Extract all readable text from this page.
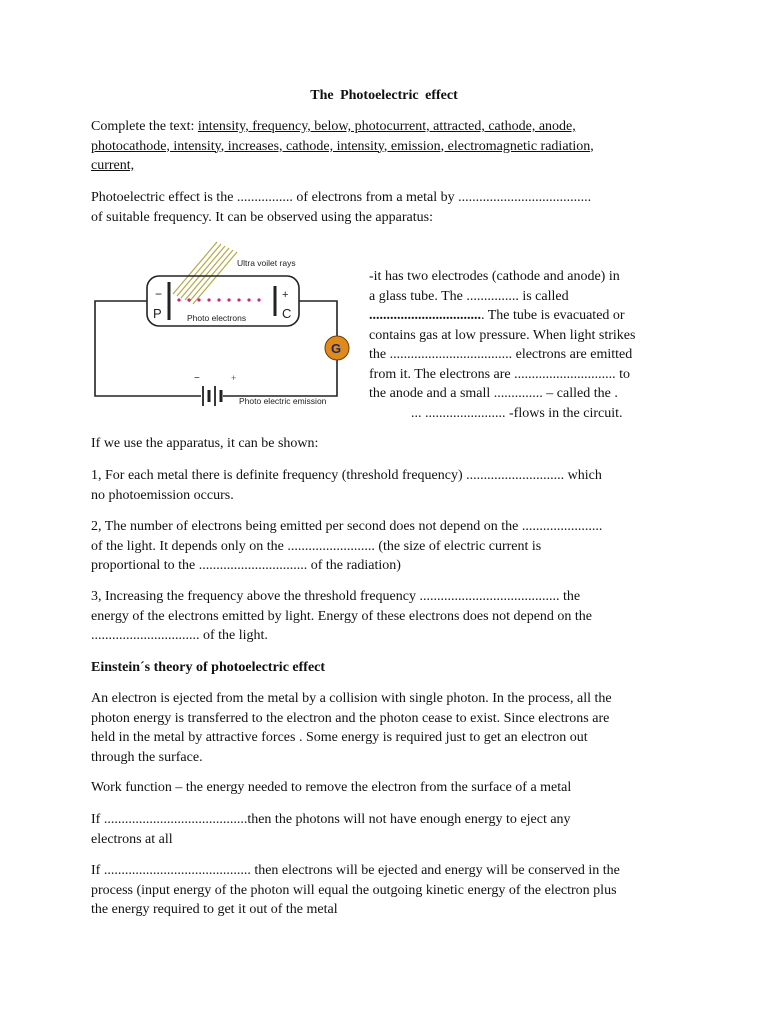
The Photoelectric effect

Complete the text: intensity, frequency, below, photocurrent, attracted, cathode, anode,
photocathode, intensity, increases, cathode, intensity, emission, electromagnetic radiation,
current,

Photoelectric effect is the ................ of electrons from a metal by ......................................
of suitable frequency. It can be observed using the apparatus:

Ultra voilet rays
−	+
P	C
Photo electrons
G
−	+
Photo electric emission
-it has two electrodes (cathode and anode) in
a glass tube. The ............... is called
................................. The tube is evacuated or
contains gas at low pressure. When light strikes
the ................................... electrons are emitted
from it. The electrons are ............................. to
the anode and a small .............. – called the .
... ....................... -flows in the circuit.

If we use the apparatus, it can be shown:

1, For each metal there is definite frequency (threshold frequency) ............................ which
no photoemission occurs.

2, The number of electrons being emitted per second does not depend on the .......................
of the light. It depends only on the ......................... (the size of electric current is
proportional to the ............................... of the radiation)

3, Increasing the frequency above the threshold frequency ........................................ the
energy of the electrons emitted by light. Energy of these electrons does not depend on the
............................... of the light.

Einstein´s theory of photoelectric effect

An electron is ejected from the metal by a collision with single photon. In the process, all the
photon energy is transferred to the electron and the photon cease to exist. Since electrons are
held in the metal by attractive forces . Some energy is required just to get an electron out
through the surface.

Work function – the energy needed to remove the electron from the surface of a metal

If .........................................then the photons will not have enough energy to eject any
electrons at all

If .......................................... then electrons will be ejected and energy will be conserved in the
process (input energy of the photon will equal the outgoing kinetic energy of the electron plus
the energy required to get it out of the metal
